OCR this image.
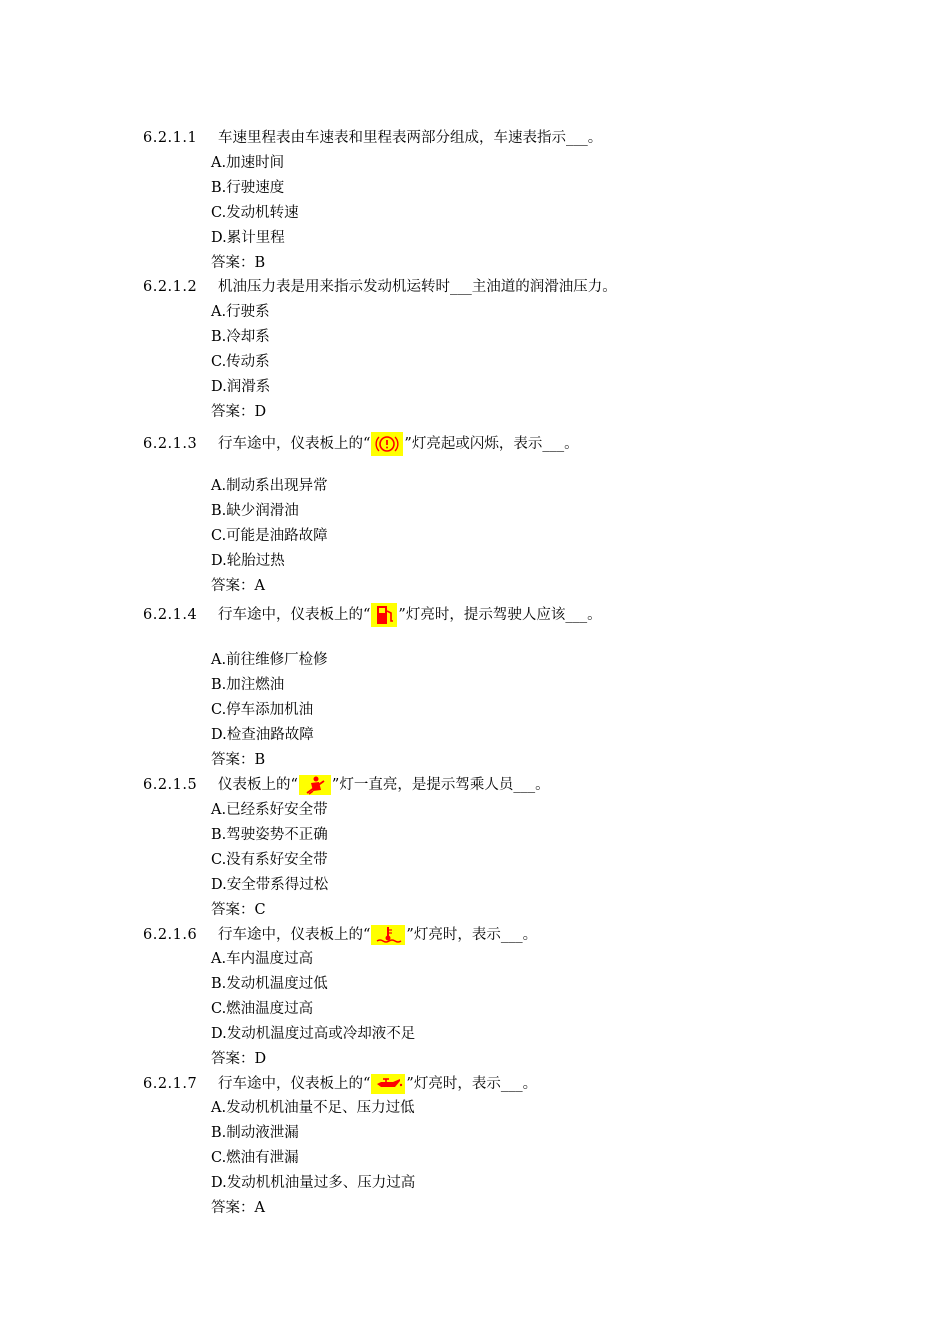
6.2.1.1 车速里程表由车速表和里程表两部分组成，车速表指示___。
A.加速时间
B.行驶速度
C.发动机转速
D.累计里程
答案：B
6.2.1.2 机油压力表是用来指示发动机运转时___主油道的润滑油压力。
A.行驶系
B.冷却系
C.传动系
D.润滑系
答案：D
6.2.1.3 行车途中，仪表板上的“ ”灯亮起或闪烁，表示___。
A.制动系出现异常
B.缺少润滑油
C.可能是油路故障
D.轮胎过热
答案：A
6.2.1.4 行车途中，仪表板上的“ ”灯亮时，提示驾驶人应该___。
A.前往维修厂检修
B.加注燃油
C.停车添加机油
D.检查油路故障
答案：B
6.2.1.5 仪表板上的“ ”灯一直亮，是提示驾乘人员___。
A.已经系好安全带
B.驾驶姿势不正确
C.没有系好安全带
D.安全带系得过松
答案：C
6.2.1.6 行车途中，仪表板上的“ ”灯亮时，表示___。
A.车内温度过高
B.发动机温度过低
C.燃油温度过高
D.发动机温度过高或冷却液不足
答案：D
6.2.1.7 行车途中，仪表板上的“ ”灯亮时，表示___。
A.发动机机油量不足、压力过低
B.制动液泄漏
C.燃油有泄漏
D.发动机机油量过多、压力过高
答案：A
